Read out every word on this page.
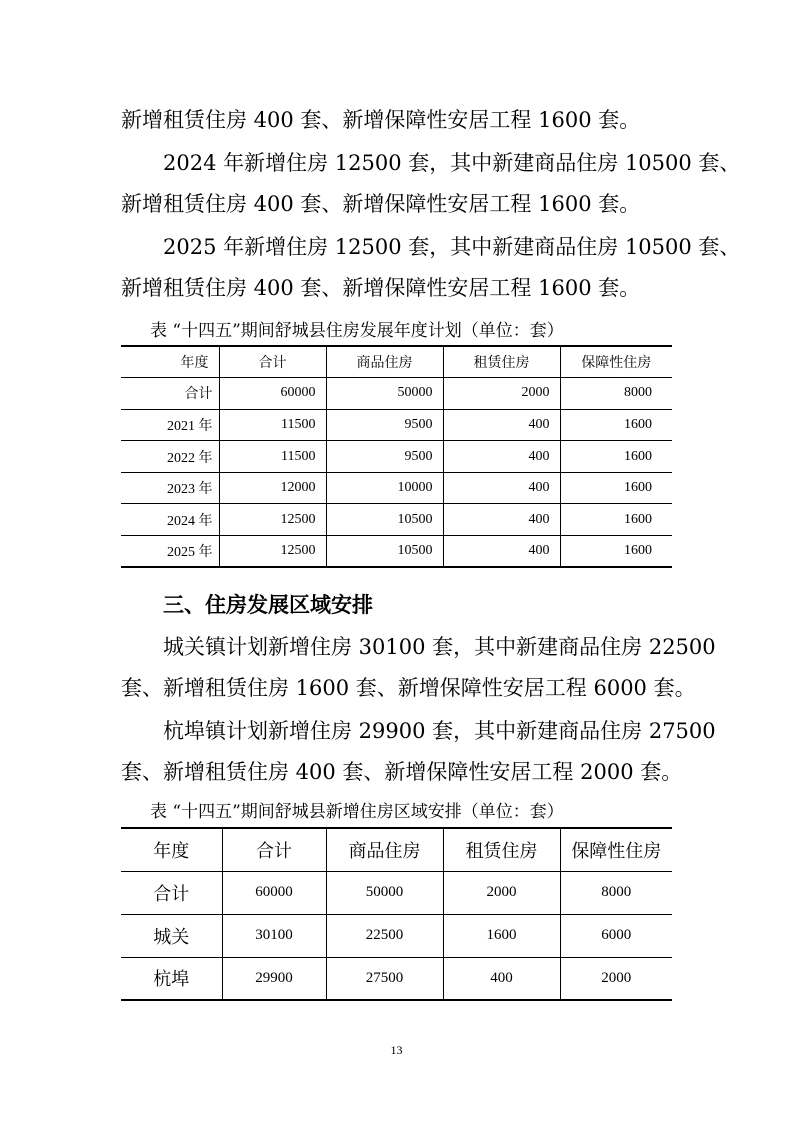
新增租赁住房 400 套、新增保障性安居工程 1600 套。
2024 年新增住房 12500 套，其中新建商品住房 10500 套、
新增租赁住房 400 套、新增保障性安居工程 1600 套。
2025 年新增住房 12500 套，其中新建商品住房 10500 套、
新增租赁住房 400 套、新增保障性安居工程 1600 套。
表 “十四五”期间舒城县住房发展年度计划（单位：套）
年度	合计	商品住房	租赁住房	保障性住房
合计	60000	50000	2000	8000
2021 年	11500	9500	400	1600
2022 年	11500	9500	400	1600
2023 年	12000	10000	400	1600
2024 年	12500	10500	400	1600
2025 年	12500	10500	400	1600
三、住房发展区域安排
城关镇计划新增住房 30100 套，其中新建商品住房 22500
套、新增租赁住房 1600 套、新增保障性安居工程 6000 套。
杭埠镇计划新增住房 29900 套，其中新建商品住房 27500
套、新增租赁住房 400 套、新增保障性安居工程 2000 套。
表 “十四五”期间舒城县新增住房区域安排（单位：套）
年度	合计	商品住房	租赁住房	保障性住房
合计	60000	50000	2000	8000
城关	30100	22500	1600	6000
杭埠	29900	27500	400	2000
13
